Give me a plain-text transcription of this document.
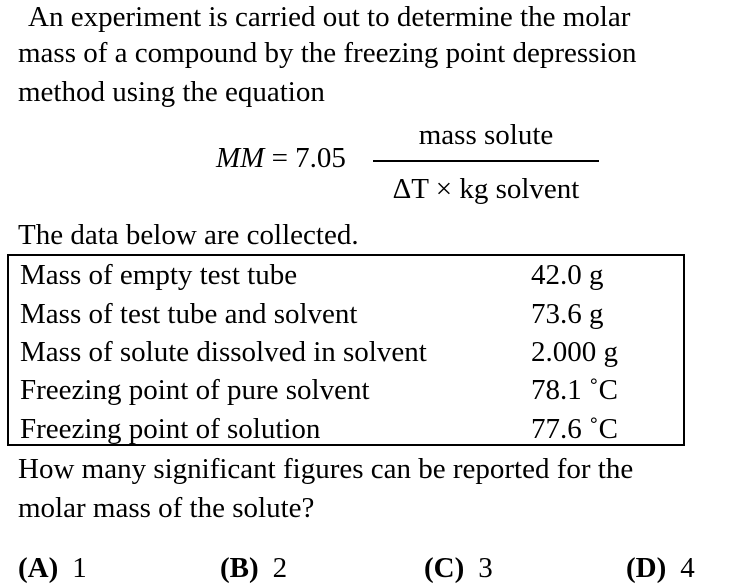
An experiment is carried out to determine the molar
mass of a compound by the freezing point depression
method using the equation
MM = 7.05
mass solute
ΔT × kg solvent
The data below are collected.
Mass of empty test tube	42.0 g
Mass of test tube and solvent	73.6 g
Mass of solute dissolved in solvent	2.000 g
Freezing point of pure solvent	78.1 ˚C
Freezing point of solution	77.6 ˚C
How many significant figures can be reported for the
molar mass of the solute?
(A) 1	(B) 2	(C) 3	(D) 4
